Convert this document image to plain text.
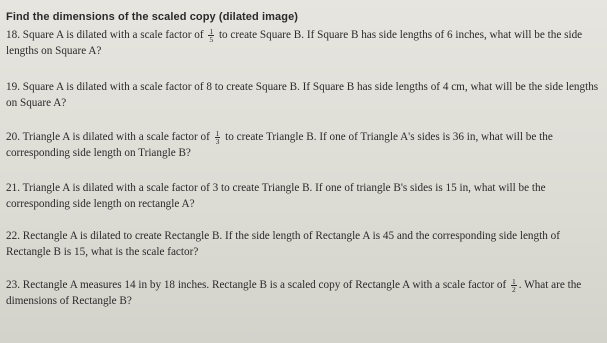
Find the dimensions of the scaled copy (dilated image)

18. Square A is dilated with a scale factor of $\frac{1}{5}$ to create Square B. If Square B has side lengths of 6 inches, what will be the side lengths on Square A?

19. Square A is dilated with a scale factor of 8 to create Square B. If Square B has side lengths of 4 cm, what will be the side lengths on Square A?

20. Triangle A is dilated with a scale factor of $\frac{1}{3}$ to create Triangle B. If one of Triangle A's sides is 36 in, what will be the corresponding side length on Triangle B?

21. Triangle A is dilated with a scale factor of 3 to create Triangle B. If one of triangle B's sides is 15 in, what will be the corresponding side length on rectangle A?

22. Rectangle A is dilated to create Rectangle B. If the side length of Rectangle A is 45 and the corresponding side length of Rectangle B is 15, what is the scale factor?

23. Rectangle A measures 14 in by 18 inches. Rectangle B is a scaled copy of Rectangle A with a scale factor of $\frac{1}{2}$ . What are the dimensions of Rectangle B?
